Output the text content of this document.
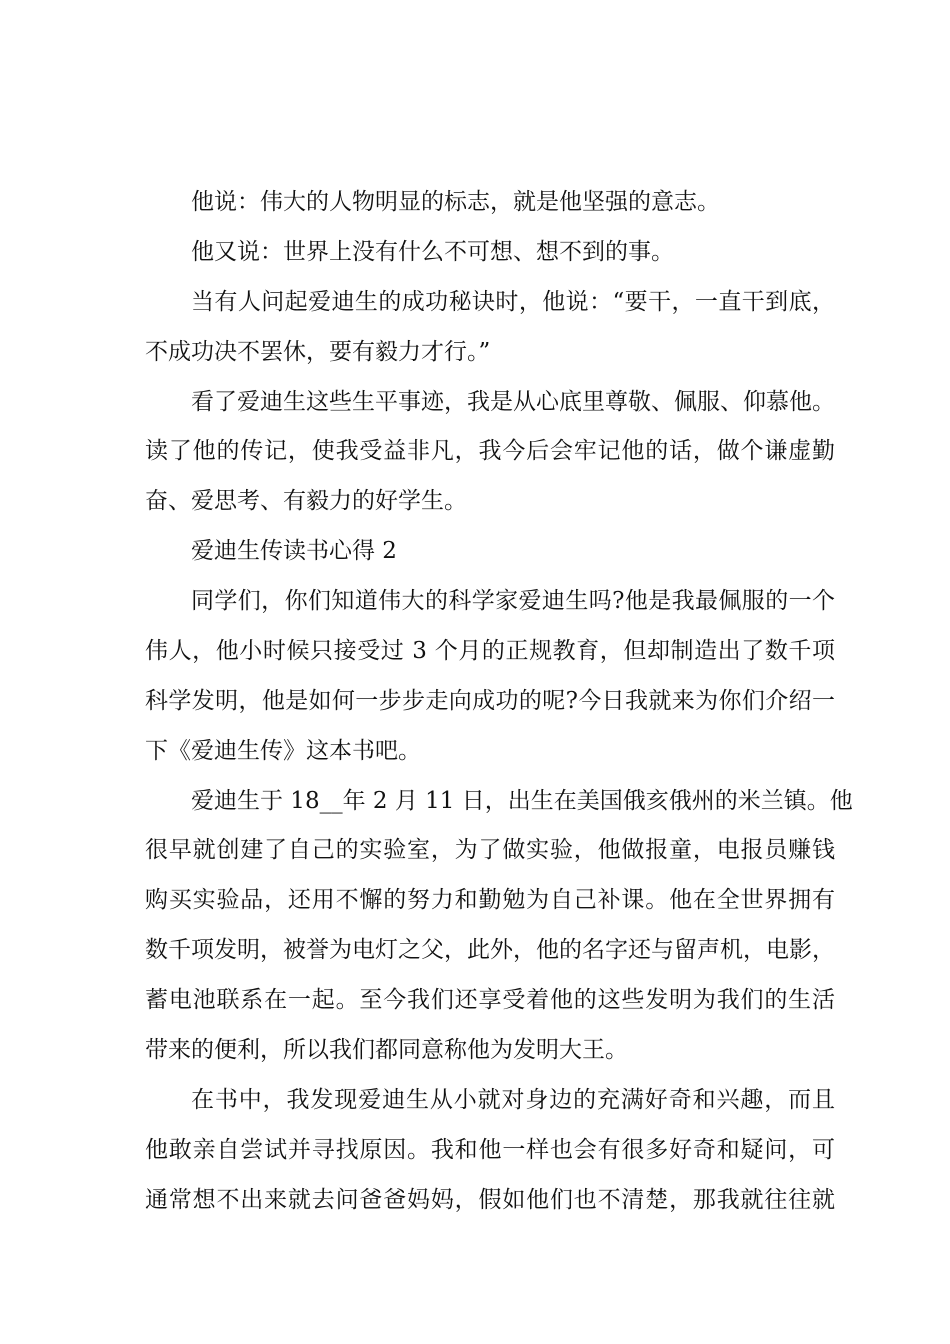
他说：伟大的人物明显的标志，就是他坚强的意志。

他又说：世界上没有什么不可想、想不到的事。

当有人问起爱迪生的成功秘诀时，他说：“要干，一直干到底，

不成功决不罢休，要有毅力才行。”

看了爱迪生这些生平事迹，我是从心底里尊敬、佩服、仰慕他。

读了他的传记，使我受益非凡，我今后会牢记他的话，做个谦虚勤

奋、爱思考、有毅力的好学生。

爱迪生传读书心得 2

同学们，你们知道伟大的科学家爱迪生吗?他是我最佩服的一个

伟人，他小时候只接受过 3 个月的正规教育，但却制造出了数千项

科学发明，他是如何一步步走向成功的呢?今日我就来为你们介绍一

下《爱迪生传》这本书吧。

爱迪生于 18__年 2 月 11 日，出生在美国俄亥俄州的米兰镇。他

很早就创建了自己的实验室，为了做实验，他做报童，电报员赚钱

购买实验品，还用不懈的努力和勤勉为自己补课。他在全世界拥有

数千项发明，被誉为电灯之父，此外，他的名字还与留声机，电影，

蓄电池联系在一起。至今我们还享受着他的这些发明为我们的生活

带来的便利，所以我们都同意称他为发明大王。

在书中，我发现爱迪生从小就对身边的充满好奇和兴趣，而且

他敢亲自尝试并寻找原因。我和他一样也会有很多好奇和疑问，可

通常想不出来就去问爸爸妈妈，假如他们也不清楚，那我就往往就
